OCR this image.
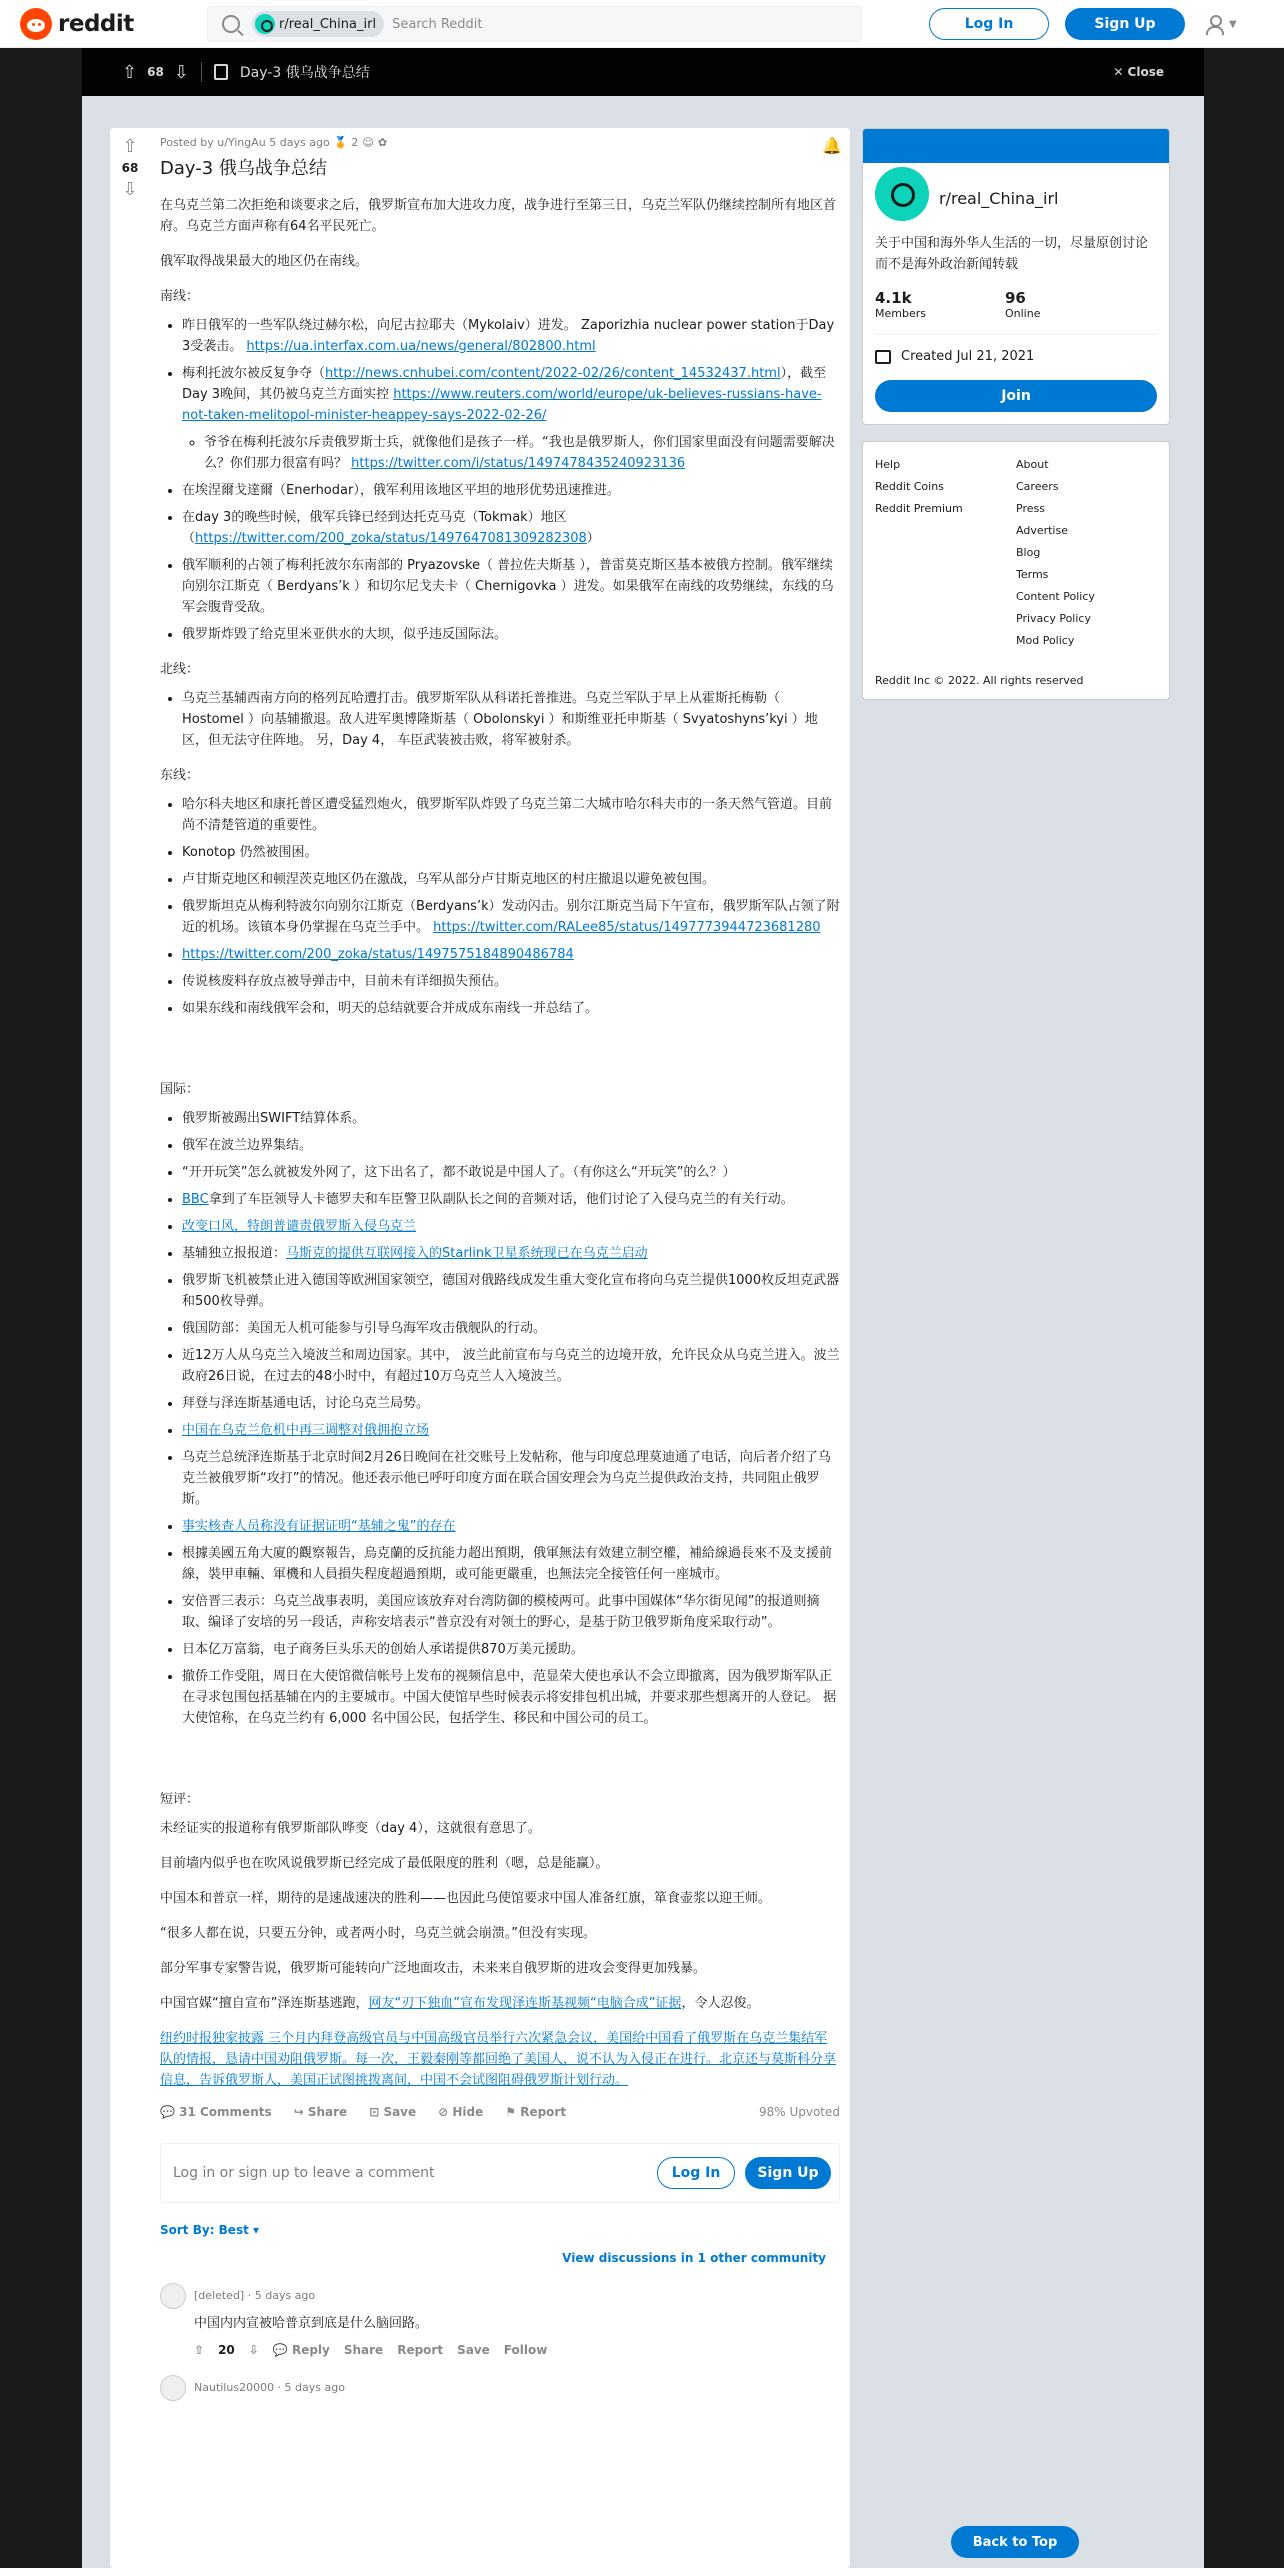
reddit	r/real_China_irl Search Reddit	Log In	Sign Up	▼
⇧ 68 ⇩	Day-3 俄乌战争总结	✕ Close
⇧
68
⇩
🔔
Posted by u/YingAu 5 days ago 🏅 2 ☺ ✿
Day-3 俄乌战争总结

在乌克兰第二次拒绝和谈要求之后，俄罗斯宣布加大进攻力度，战争进行至第三日，乌克兰军队仍继续控制所有地区首府。乌克兰方面声称有64名平民死亡。

俄军取得战果最大的地区仍在南线。

南线：

• 昨日俄军的一些军队绕过赫尔松，向尼古拉耶夫（Mykolaiv）进发。 Zaporizhia nuclear power station于Day 3受袭击。 https://ua.interfax.com.ua/news/general/802800.html
• 梅利托波尔被反复争夺（http://news.cnhubei.com/content/2022-02/26/content_14532437.html），截至Day 3晚间，其仍被乌克兰方面实控 https://www.reuters.com/world/europe/uk-believes-russians-have-not-taken-melitopol-minister-heappey-says-2022-02-26/
◦ 爷爷在梅利托波尔斥责俄罗斯士兵，就像他们是孩子一样。“我也是俄罗斯人，你们国家里面没有问题需要解决么？你们那力很富有吗？ https://twitter.com/i/status/1497478435240923136
• 在埃涅爾戈達爾（Enerhodar），俄军利用该地区平坦的地形优势迅速推进。
• 在day 3的晚些时候，俄军兵锋已经到达托克马克（Tokmak）地区（https://twitter.com/200_zoka/status/1497647081309282308）
• 俄军顺利的占领了梅利托波尔东南部的 Pryazovske（ 普拉佐夫斯基 ），普雷莫克斯区基本被俄方控制。俄军继续向别尔江斯克（ Berdyans’k ）和切尔尼戈夫卡（ Chernigovka ）进发。如果俄军在南线的攻势继续，东线的乌军会腹背受敌。
• 俄罗斯炸毁了给克里米亚供水的大坝，似乎违反国际法。

北线：

• 乌克兰基辅西南方向的格列瓦哈遭打击。俄罗斯军队从科诺托普推进。乌克兰军队于早上从霍斯托梅勒（ Hostomel ）向基辅撤退。敌人进军奥博隆斯基（ Obolonskyi ）和斯维亚托申斯基（ Svyatoshyns’kyi ）地区，但无法守住阵地。 另，Day 4， 车臣武装被击败，将军被射杀。

东线：

• 哈尔科夫地区和康托普区遭受猛烈炮火，俄罗斯军队炸毁了乌克兰第二大城市哈尔科夫市的一条天然气管道。目前尚不清楚管道的重要性。
• Konotop 仍然被围困。
• 卢甘斯克地区和顿涅茨克地区仍在激战，乌军从部分卢甘斯克地区的村庄撤退以避免被包围。
• 俄罗斯坦克从梅利特波尔向别尔江斯克（Berdyans’k）发动闪击。别尔江斯克当局下午宣布，俄罗斯军队占领了附近的机场。该镇本身仍掌握在乌克兰手中。 https://twitter.com/RALee85/status/1497773944723681280
• https://twitter.com/200_zoka/status/1497575184890486784
• 传说核废料存放点被导弹击中，目前未有详细损失预估。
• 如果东线和南线俄军会和，明天的总结就要合并成成东南线一并总结了。

国际：

• 俄罗斯被踢出SWIFT结算体系。
• 俄军在波兰边界集结。
• “开开玩笑”怎么就被发外网了，这下出名了，都不敢说是中国人了。（有你这么“开玩笑”的么？）
• BBC拿到了车臣领导人卡德罗夫和车臣警卫队副队长之间的音频对话，他们讨论了入侵乌克兰的有关行动。
• 改变口风，特朗普谴责俄罗斯入侵乌克兰
• 基辅独立报报道：马斯克的提供互联网接入的Starlink卫星系统现已在乌克兰启动
• 俄罗斯飞机被禁止进入德国等欧洲国家领空，德国对俄路线成发生重大变化宣布将向乌克兰提供1000枚反坦克武器和500枚导弹。
• 俄国防部：美国无人机可能参与引导乌海军攻击俄舰队的行动。
• 近12万人从乌克兰入境波兰和周边国家。其中， 波兰此前宣布与乌克兰的边境开放，允许民众从乌克兰进入。波兰政府26日说，在过去的48小时中，有超过10万乌克兰人入境波兰。
• 拜登与泽连斯基通电话，讨论乌克兰局势。
• 中国在乌克兰危机中再三调整对俄拥抱立场
• 乌克兰总统泽连斯基于北京时间2月26日晚间在社交账号上发帖称，他与印度总理莫迪通了电话，向后者介绍了乌克兰被俄罗斯“攻打”的情况。他还表示他已呼吁印度方面在联合国安理会为乌克兰提供政治支持，共同阻止俄罗斯。
• 事实核查人员称没有证据证明“基辅之鬼”的存在
• 根據美國五角大廈的觀察報告，烏克蘭的反抗能力超出預期，俄軍無法有效建立制空權，補給線過長來不及支援前線，裝甲車輛、軍機和人員損失程度超過預期，或可能更嚴重，也無法完全接管任何一座城市。
• 安倍晋三表示：乌克兰战事表明，美国应该放弃对台湾防御的模棱两可。此事中国媒体“华尔街见闻”的报道则摘取、编译了安培的另一段话，声称安培表示“普京没有对领土的野心，是基于防卫俄罗斯角度采取行动”。
• 日本亿万富翁，电子商务巨头乐天的创始人承诺提供870万美元援助。
• 撤侨工作受阻，周日在大使馆微信帐号上发布的视频信息中，范显荣大使也承认不会立即撤离，因为俄罗斯军队正在寻求包围包括基辅在内的主要城市。中国大使馆早些时候表示将安排包机出城，并要求那些想离开的人登记。 据大使馆称，在乌克兰约有 6,000 名中国公民，包括学生、移民和中国公司的员工。

短评：

未经证实的报道称有俄罗斯部队哗变（day 4），这就很有意思了。

目前墙内似乎也在吹风说俄罗斯已经完成了最低限度的胜利（嗯，总是能赢）。

中国本和普京一样，期待的是速战速决的胜利——也因此乌使馆要求中国人准备红旗，箪食壶浆以迎王师。

“很多人都在说，只要五分钟，或者两小时，乌克兰就会崩溃。”但没有实现。

部分军事专家警告说，俄罗斯可能转向广泛地面攻击，未来来自俄罗斯的进攻会变得更加残暴。

中国官媒“擅自宣布”泽连斯基逃跑，网友“刃下独血”宣布发现泽连斯基视频“电脑合成”证据，令人忍俊。

纽约时报独家披露 三个月内拜登高级官员与中国高级官员举行六次紧急会议，美国给中国看了俄罗斯在乌克兰集结军队的情报，恳请中国劝阻俄罗斯。每一次，王毅秦刚等都回绝了美国人，说不认为入侵正在进行。北京还与莫斯科分享信息，告诉俄罗斯人，美国正试图挑拨离间，中国不会试图阻碍俄罗斯计划行动。

💬 31 Comments ↪ Share ⊡ Save ⊘ Hide ⚑ Report	98% Upvoted
Log in or sign up to leave a comment	Log In	Sign Up
Sort By: Best ▾
View discussions in 1 other community
[deleted] · 5 days ago
中国内内宣被哈普京到底是什么脑回路。
⇧ 20 ⇩ 💬 Reply Share Report Save Follow
Nautilus20000 · 5 days ago
r/real_China_irl
关于中国和海外华人生活的一切，尽量原创讨论而不是海外政治新闻转载
4.1k
Members
96
Online
Created Jul 21, 2021
Join
Help
Reddit Coins
Reddit Premium
About
Careers
Press
Advertise
Blog
Terms
Content Policy
Privacy Policy
Mod Policy
Reddit Inc © 2022. All rights reserved
Back to Top
